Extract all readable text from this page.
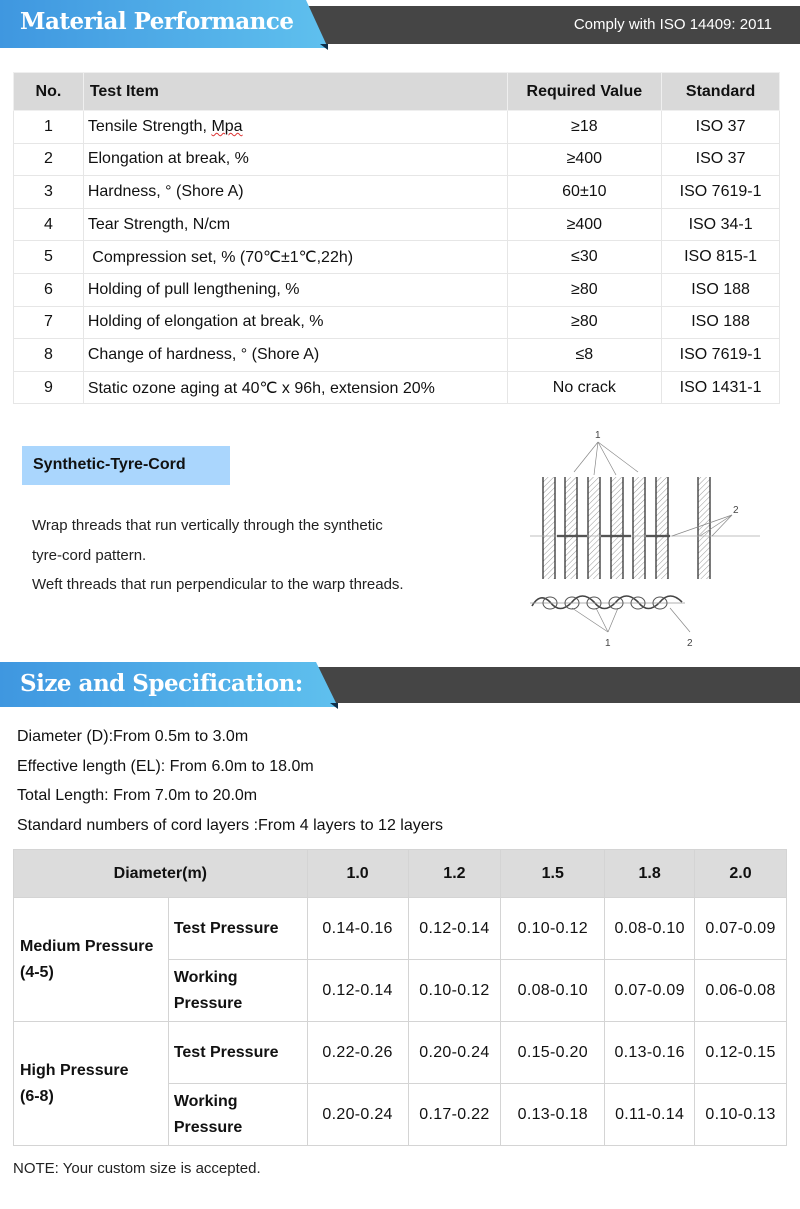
Material Performance	Comply with ISO 14409: 2011
No.	Test Item	Required Value	Standard
1	Tensile Strength, Mpa	≥18	ISO 37
2	Elongation at break, %	≥400	ISO 37
3	Hardness, ° (Shore A)	60±10	ISO 7619-1
4	Tear Strength, N/cm	≥400	ISO 34-1
5	Compression set, % (70℃±1℃,22h)	≤30	ISO 815-1
6	Holding of pull lengthening, %	≥80	ISO 188
7	Holding of elongation at break, %	≥80	ISO 188
8	Change of hardness, ° (Shore A)	≤8	ISO 7619-1
9	Static ozone aging at 40℃ x 96h, extension 20%	No crack	ISO 1431-1
Synthetic-Tyre-Cord
Wrap threads that run vertically through the synthetic
tyre-cord pattern.
Weft threads that run perpendicular to the warp threads.
1
2
1	2
Size and Specification:
Diameter (D):From 0.5m to 3.0m
Effective length (EL): From 6.0m to 18.0m
Total Length: From 7.0m to 20.0m
Standard numbers of cord layers :From 4 layers to 12 layers
Diameter(m)		1.0	1.2	1.5	1.8	2.0

Medium Pressure
(4-5)	Test Pressure	0.14-0.16	0.12-0.14	0.10-0.12	0.08-0.10	0.07-0.09

	Working
Pressure	0.12-0.14	0.10-0.12	0.08-0.10	0.07-0.09	0.06-0.08

High Pressure
(6-8)	Test Pressure	0.22-0.26	0.20-0.24	0.15-0.20	0.13-0.16	0.12-0.15

	Working
Pressure	0.20-0.24	0.17-0.22	0.13-0.18	0.11-0.14	0.10-0.13
NOTE: Your custom size is accepted.
